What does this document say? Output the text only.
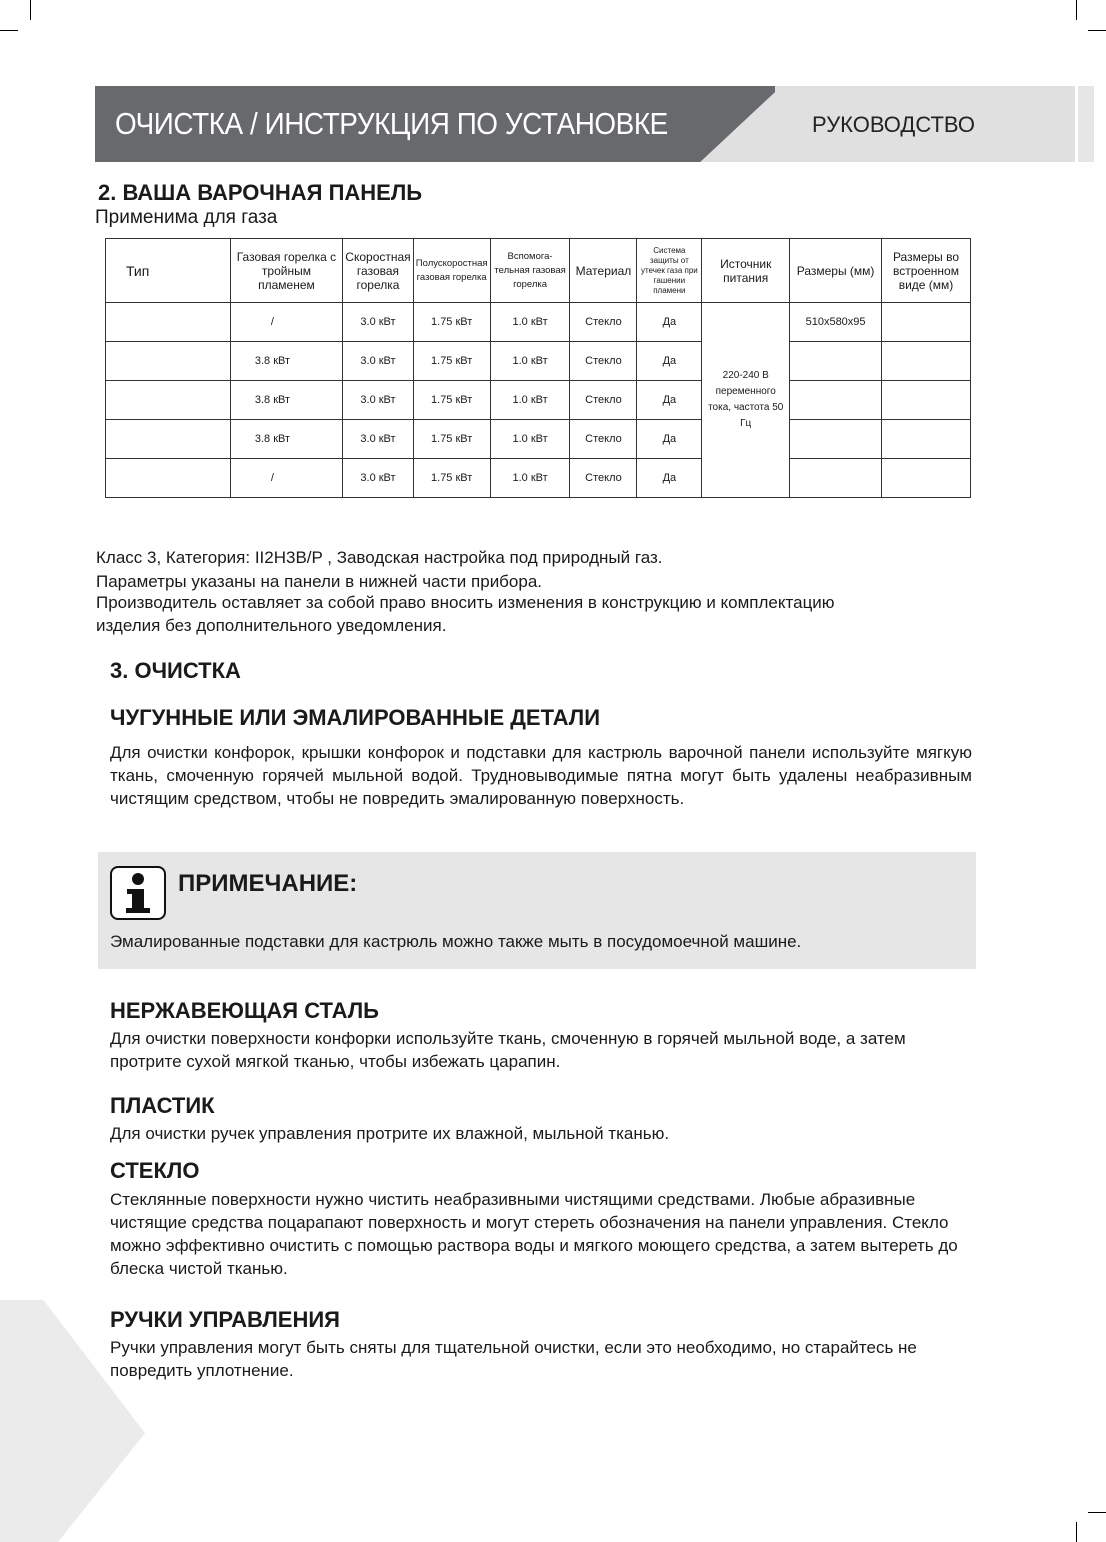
ОЧИСТКА / ИНСТРУКЦИЯ ПО УСТАНОВКЕ	РУКОВОДСТВО
2. ВАША ВАРОЧНАЯ ПАНЕЛЬ
Применима для газа
Тип	Газовая горелка с тройным пламенем	Скоростная газовая горелка	Полускоростная газовая горелка	Вспомога-тельная газовая горелка	Материал	Система защиты от утечек газа при гашении пламени	Источник питания	Размеры (мм)	Размеры во встроенном виде (мм)
	/	3.0 кВт	1.75 кВт	1.0 кВт	Стекло	Да	220-240 В переменного тока, частота 50 Гц	510x580x95	
	3.8 кВт	3.0 кВт	1.75 кВт	1.0 кВт	Стекло	Да			
	3.8 кВт	3.0 кВт	1.75 кВт	1.0 кВт	Стекло	Да			
	3.8 кВт	3.0 кВт	1.75 кВт	1.0 кВт	Стекло	Да			
	/	3.0 кВт	1.75 кВт	1.0 кВт	Стекло	Да			
Класс 3, Категория: II2H3B/P , Заводская настройка под природный газ.
Параметры указаны на панели в нижней части прибора.
Производитель оставляет за собой право вносить изменения в конструкцию и комплектацию изделия без дополнительного уведомления.
3. ОЧИСТКА
ЧУГУННЫЕ ИЛИ ЭМАЛИРОВАННЫЕ ДЕТАЛИ
Для очистки конфорок, крышки конфорок и подставки для кастрюль варочной панели используйте мягкую ткань, смоченную горячей мыльной водой. Трудновыводимые пятна могут быть удалены неабразивным чистящим средством, чтобы не повредить эмалированную поверхность.
ПРИМЕЧАНИЕ:
Эмалированные подставки для кастрюль можно также мыть в посудомоечной машине.
НЕРЖАВЕЮЩАЯ СТАЛЬ
Для очистки поверхности конфорки используйте ткань, смоченную в горячей мыльной воде, а затем протрите сухой мягкой тканью, чтобы избежать царапин.
ПЛАСТИК
Для очистки ручек управления протрите их влажной, мыльной тканью.
СТЕКЛО
Стеклянные поверхности нужно чистить неабразивными чистящими средствами. Любые абразивные чистящие средства поцарапают поверхность и могут стереть обозначения на панели управления. Стекло можно эффективно очистить с помощью раствора воды и мягкого моющего средства, а затем вытереть до блеска чистой тканью.
РУЧКИ УПРАВЛЕНИЯ
Ручки управления могут быть сняты для тщательной очистки, если это необходимо, но старайтесь не повредить уплотнение.
